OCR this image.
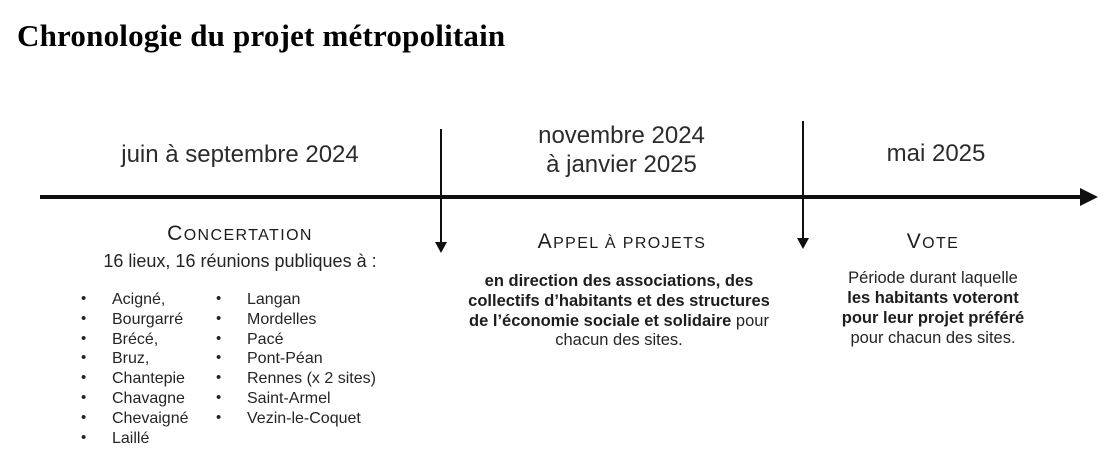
Chronologie du projet métropolitain
juin à septembre 2024
novembre 2024
à janvier 2025	mai 2025
CONCERTATION
16 lieux, 16 réunions publiques à :
• Acigné,
• Bourgarré
• Brécé,
• Bruz,
• Chantepie
• Chavagne
• Chevaigné
• Laillé
• Langan
• Mordelles
• Pacé
• Pont-Péan
• Rennes (x 2 sites)
• Saint-Armel
• Vezin-le-Coquet
APPEL À PROJETS

en direction des associations, des collectifs d’habitants et des structures de l’économie sociale et solidaire pour chacun des sites.

VOTE

Période durant laquelle
les habitants voteront
pour leur projet préféré
pour chacun des sites.
